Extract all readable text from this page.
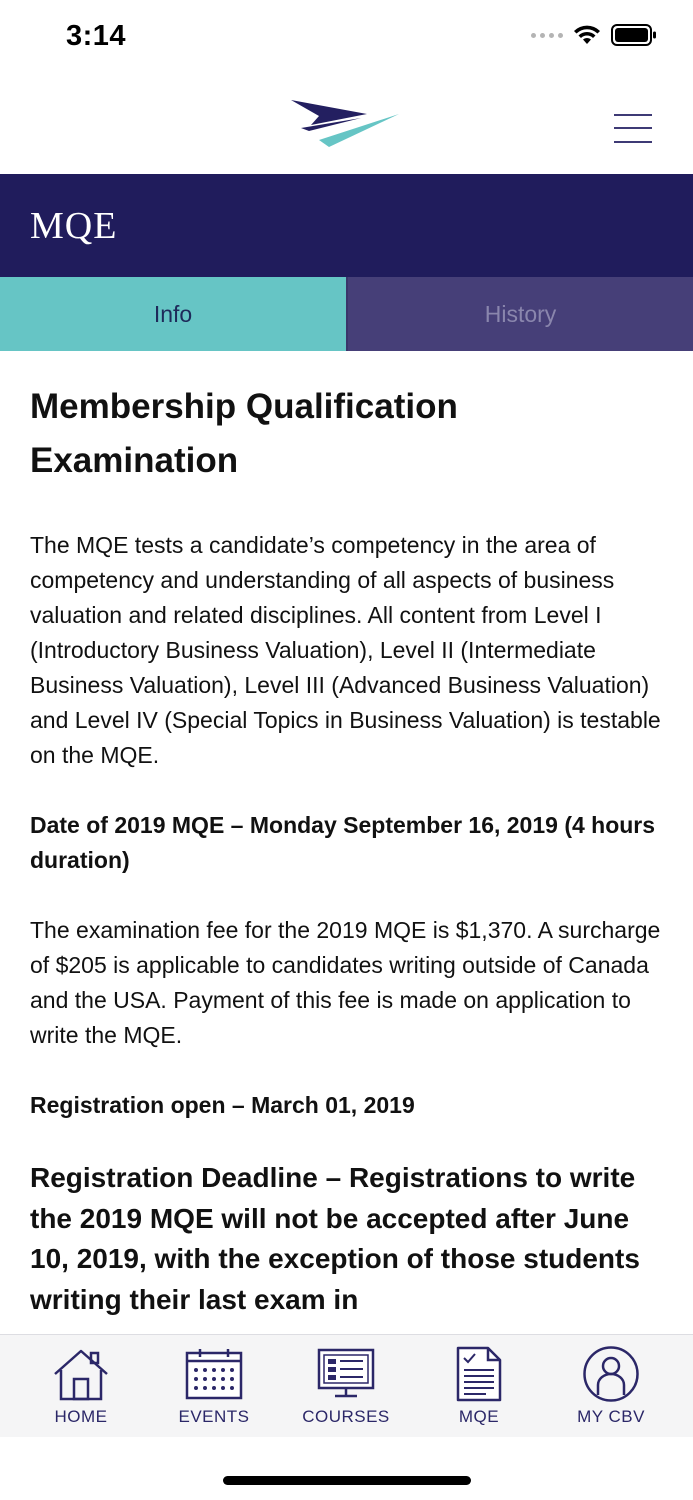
3:14
MQE
Info	History
Membership Qualification Examination

The MQE tests a candidate’s competency in the area of competency and understanding of all aspects of business valuation and related disciplines. All content from Level I (Introductory Business Valuation), Level II (Intermediate Business Valuation), Level III (Advanced Business Valuation) and Level IV (Special Topics in Business Valuation) is testable on the MQE.

Date of 2019 MQE – Monday September 16, 2019 (4 hours duration)

The examination fee for the 2019 MQE is $1,370. A surcharge of $205 is applicable to candidates writing outside of Canada and the USA. Payment of this fee is made on application to write the MQE.

Registration open – March 01, 2019

Registration Deadline – Registrations to write the 2019 MQE will not be accepted after June 10, 2019, with the exception of those students writing their last exam in

HOME	EVENTS	COURSES	MQE	MY CBV
